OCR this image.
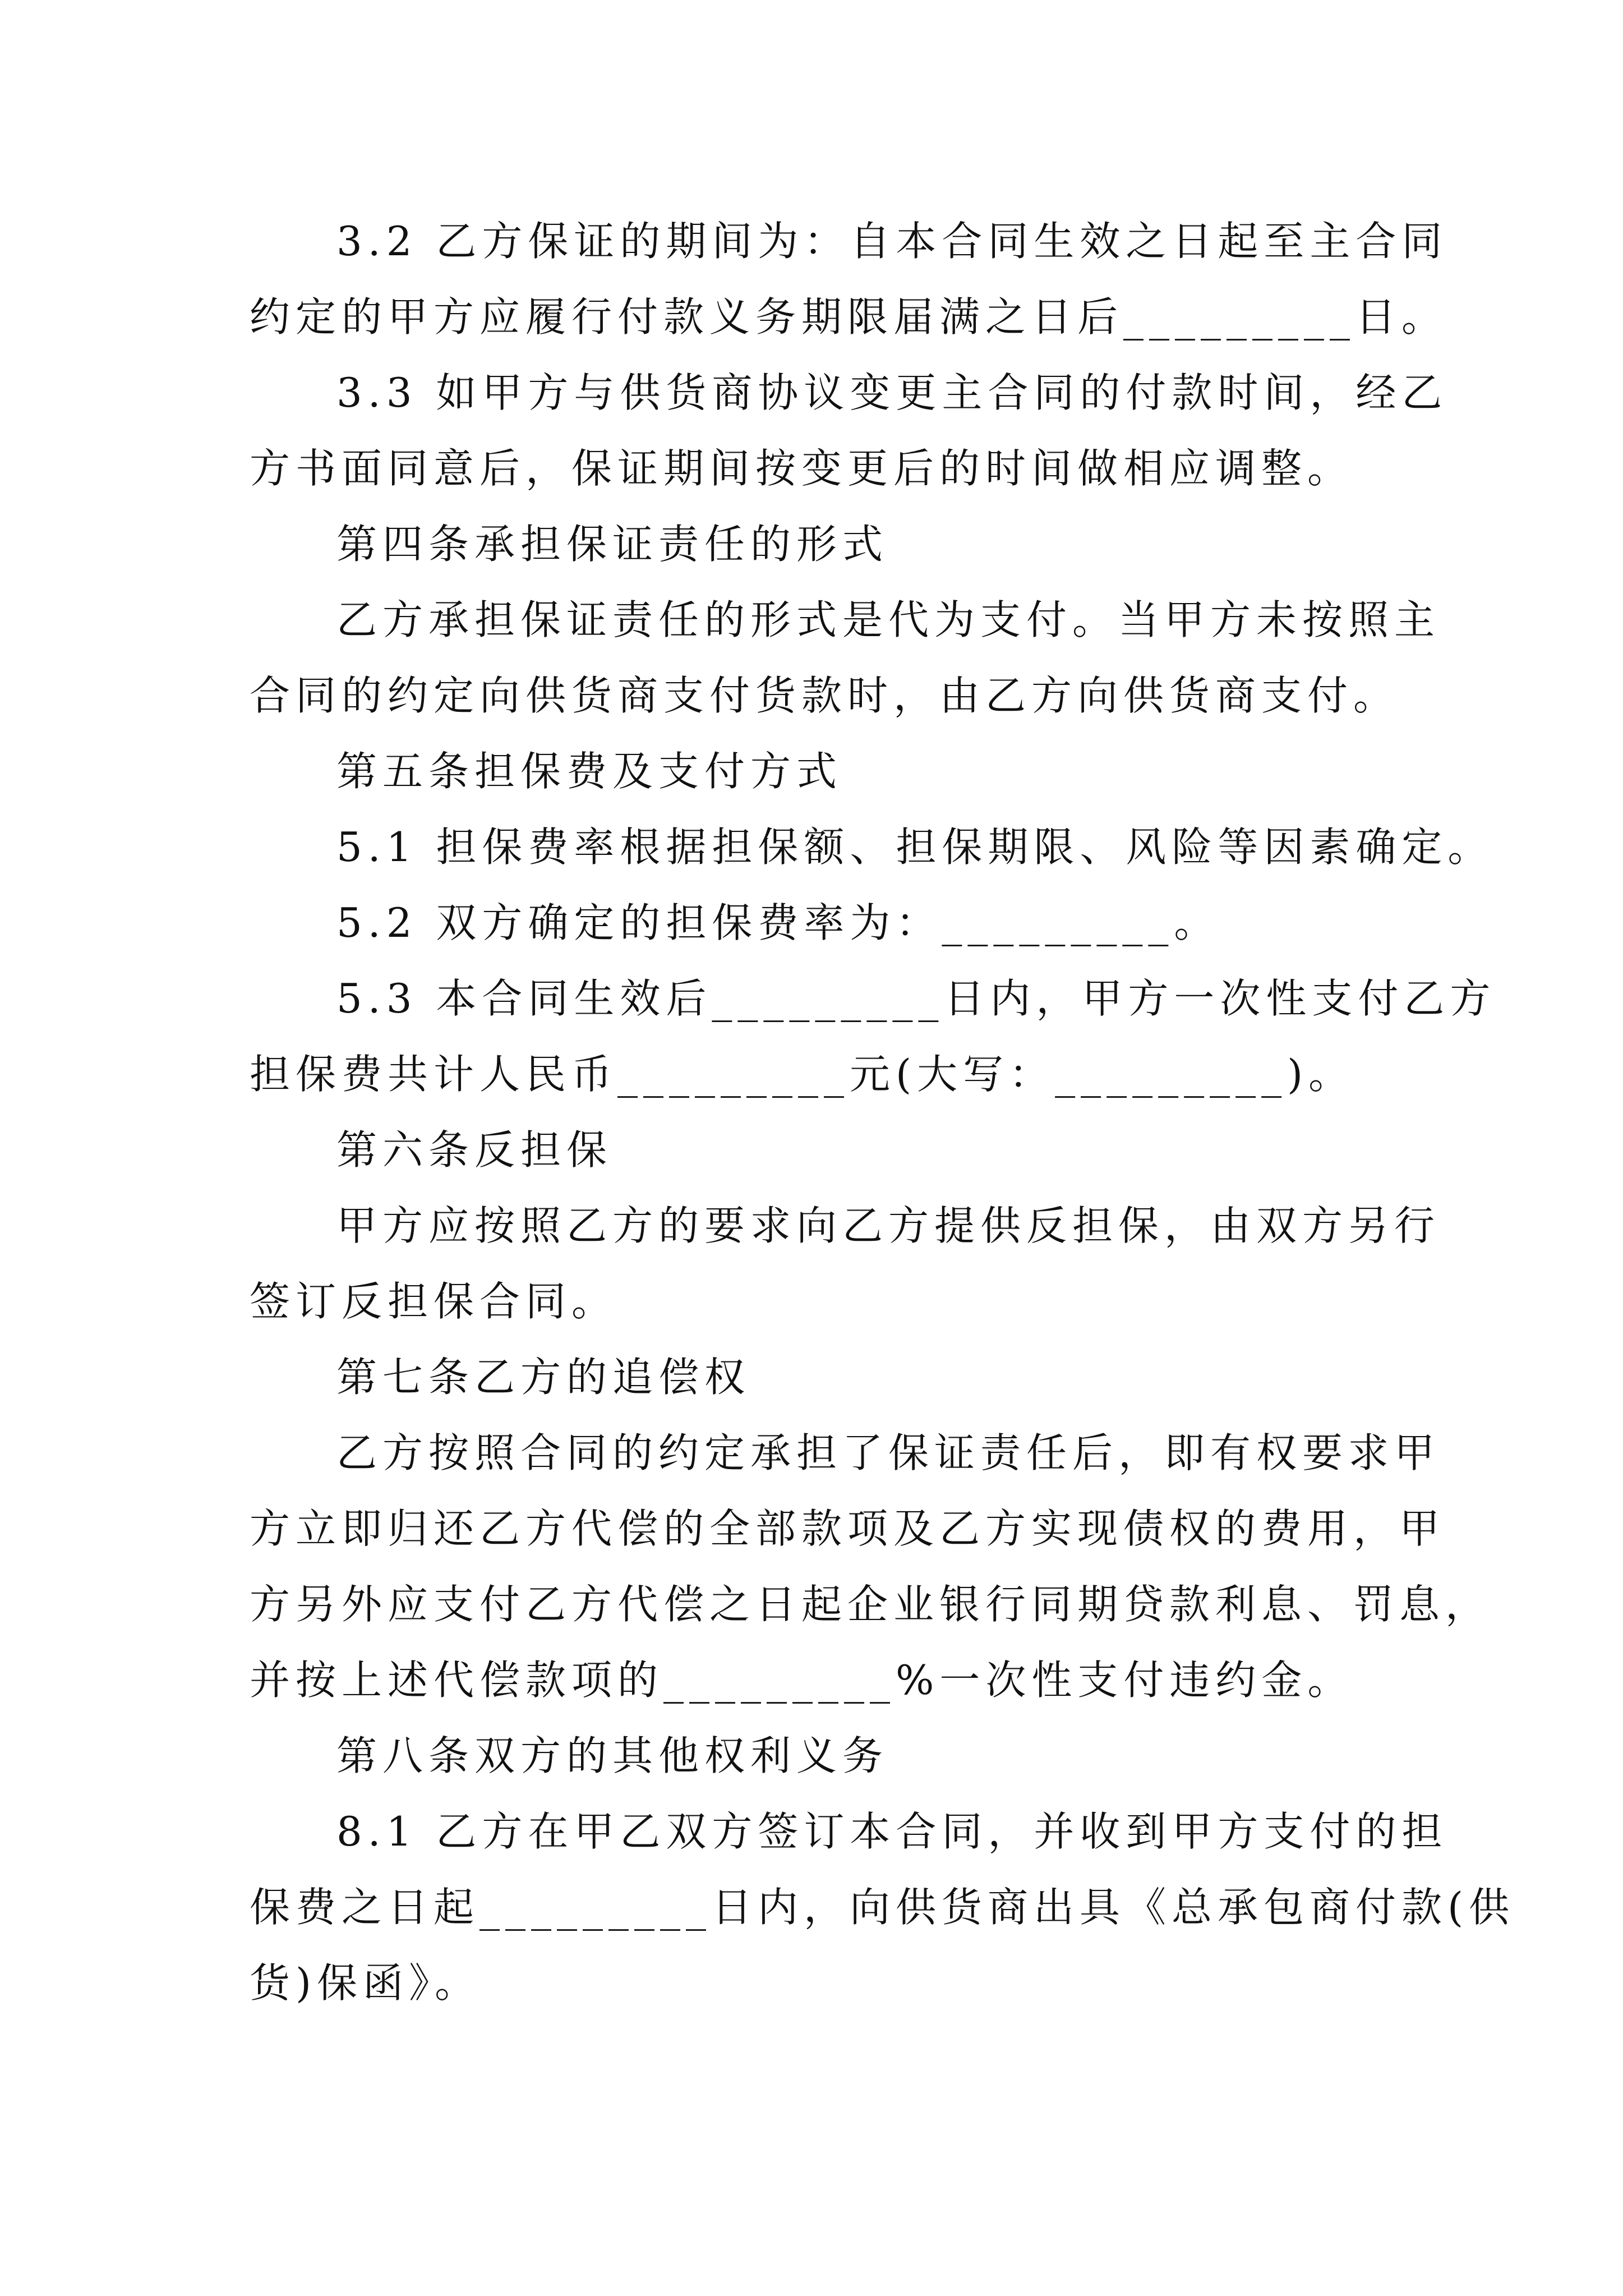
3.2 乙方保证的期间为：自本合同生效之日起至主合同
约定的甲方应履行付款义务期限届满之日后_________日。
3.3 如甲方与供货商协议变更主合同的付款时间，经乙
方书面同意后，保证期间按变更后的时间做相应调整。
第四条承担保证责任的形式
乙方承担保证责任的形式是代为支付。当甲方未按照主
合同的约定向供货商支付货款时，由乙方向供货商支付。
第五条担保费及支付方式
5.1 担保费率根据担保额、担保期限、风险等因素确定。
5.2 双方确定的担保费率为：_________。
5.3 本合同生效后_________日内，甲方一次性支付乙方
担保费共计人民币_________元(大写：_________)。
第六条反担保
甲方应按照乙方的要求向乙方提供反担保，由双方另行
签订反担保合同。
第七条乙方的追偿权
乙方按照合同的约定承担了保证责任后，即有权要求甲
方立即归还乙方代偿的全部款项及乙方实现债权的费用，甲
方另外应支付乙方代偿之日起企业银行同期贷款利息、罚息，
并按上述代偿款项的_________%一次性支付违约金。
第八条双方的其他权利义务
8.1 乙方在甲乙双方签订本合同，并收到甲方支付的担
保费之日起_________日内，向供货商出具《总承包商付款(供
货)保函》。
